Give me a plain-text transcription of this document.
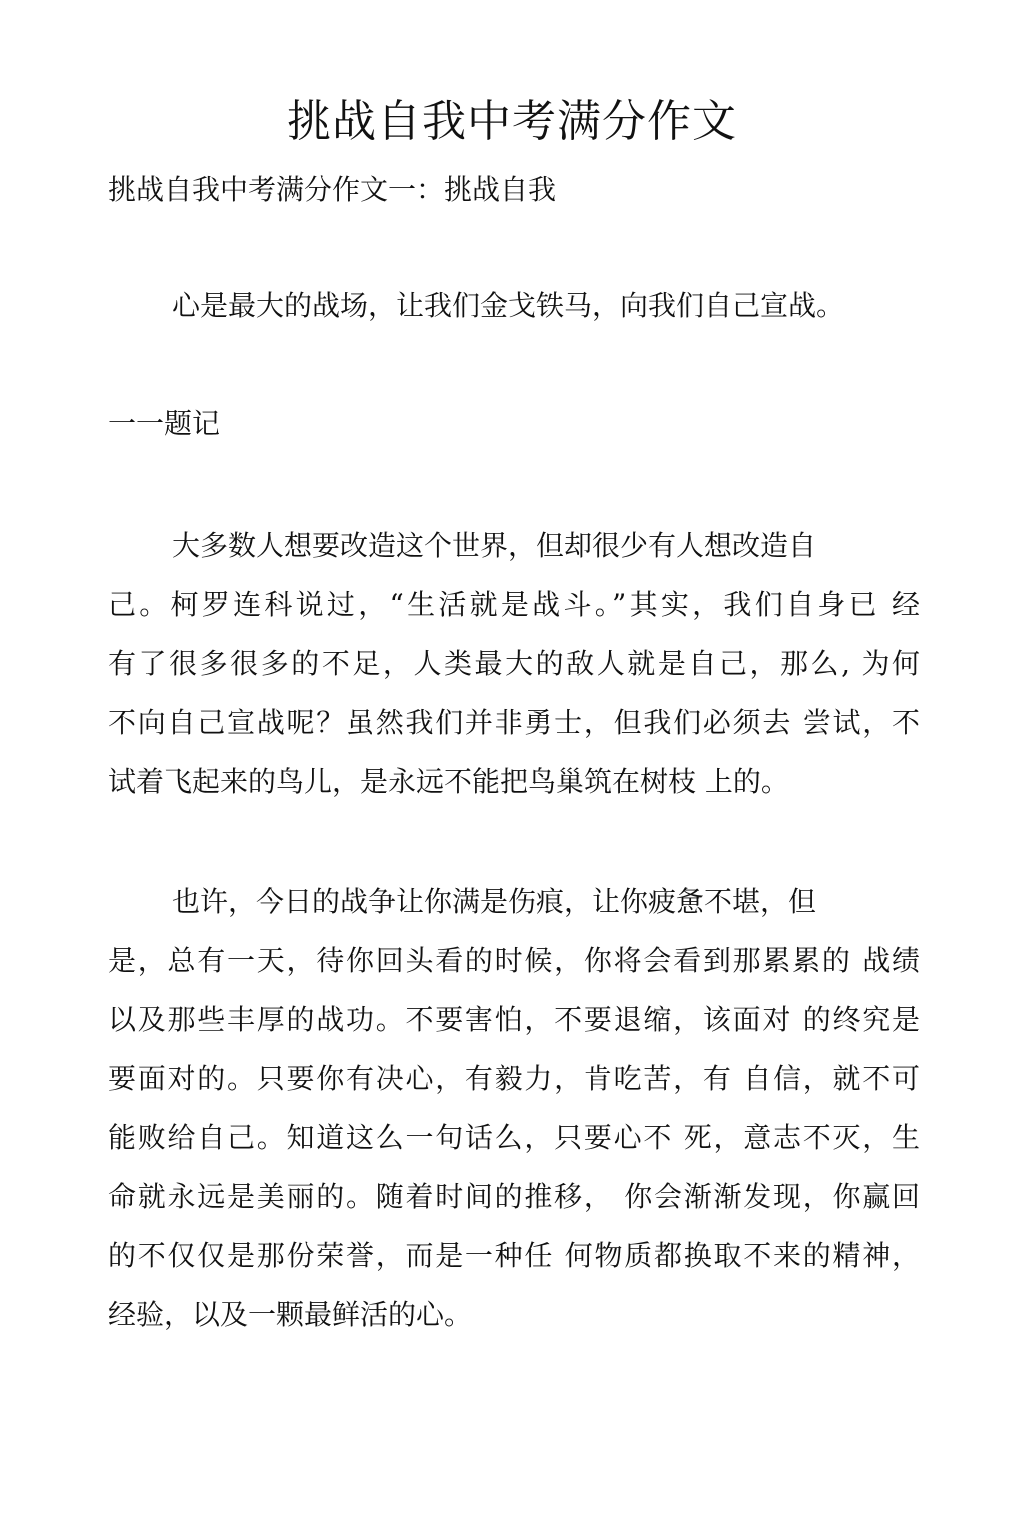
挑战自我中考满分作文
挑战自我中考满分作文一：挑战自我

心是最大的战场，让我们金戈铁马，向我们自己宣战。

一一题记

大多数人想要改造这个世界，但却很少有人想改造自
己。柯罗连科说过，“生活就是战斗。”其实，我们自身已 经
有了很多很多的不足，人类最大的敌人就是自己，那么, 为何
不向自己宣战呢？虽然我们并非勇士，但我们必须去 尝试，不
试着飞起来的鸟儿，是永远不能把鸟巢筑在树枝 上的。

也许，今日的战争让你满是伤痕，让你疲惫不堪，但
是，总有一天，待你回头看的时候，你将会看到那累累的 战绩
以及那些丰厚的战功。不要害怕，不要退缩，该面对 的终究是
要面对的。只要你有决心，有毅力，肯吃苦，有 自信，就不可
能败给自己。知道这么一句话么，只要心不 死，意志不灭，生
命就永远是美丽的。随着时间的推移， 你会渐渐发现，你赢回
的不仅仅是那份荣誉，而是一种任 何物质都换取不来的精神，
经验，以及一颗最鲜活的心。
